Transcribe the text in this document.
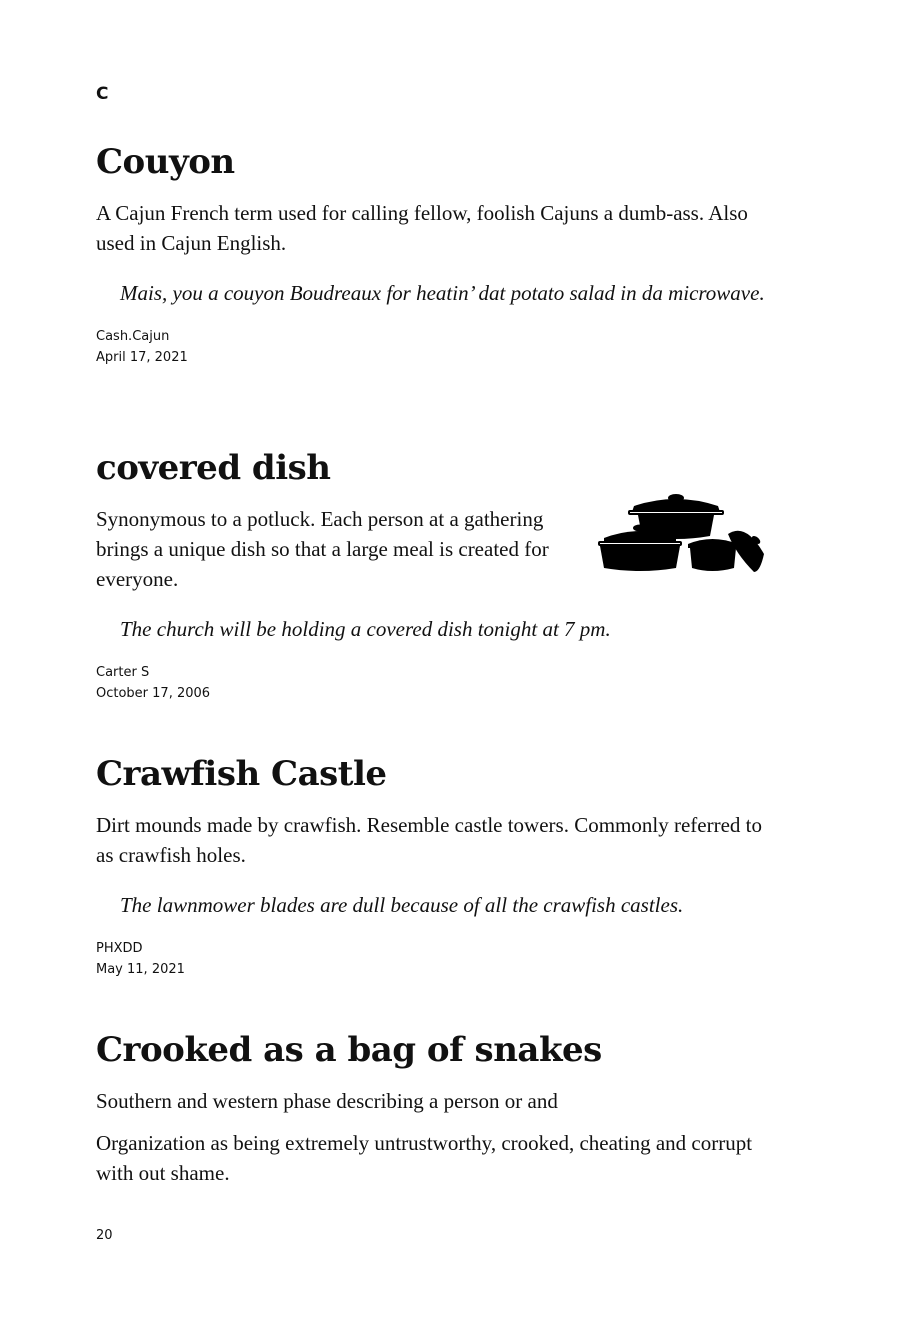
C
Couyon

A Cajun French term used for calling fellow, foolish Cajuns a dumb-ass. Also used in Cajun English.

Mais, you a couyon Boudreaux for heatin’ dat potato salad in da microwave.

Cash.Cajun
April 17, 2021
covered dish

Synonymous to a potluck. Each person at a gathering brings a unique dish so that a large meal is created for everyone.

The church will be holding a covered dish tonight at 7 pm.

Carter S
October 17, 2006
Crawfish Castle

Dirt mounds made by crawfish. Resemble castle towers. Commonly referred to as crawfish holes.

The lawnmower blades are dull because of all the crawfish castles.

PHXDD
May 11, 2021
Crooked as a bag of snakes

Southern and western phase describing a person or and

Organization as being extremely untrustworthy, crooked, cheating and corrupt with out shame.

20
